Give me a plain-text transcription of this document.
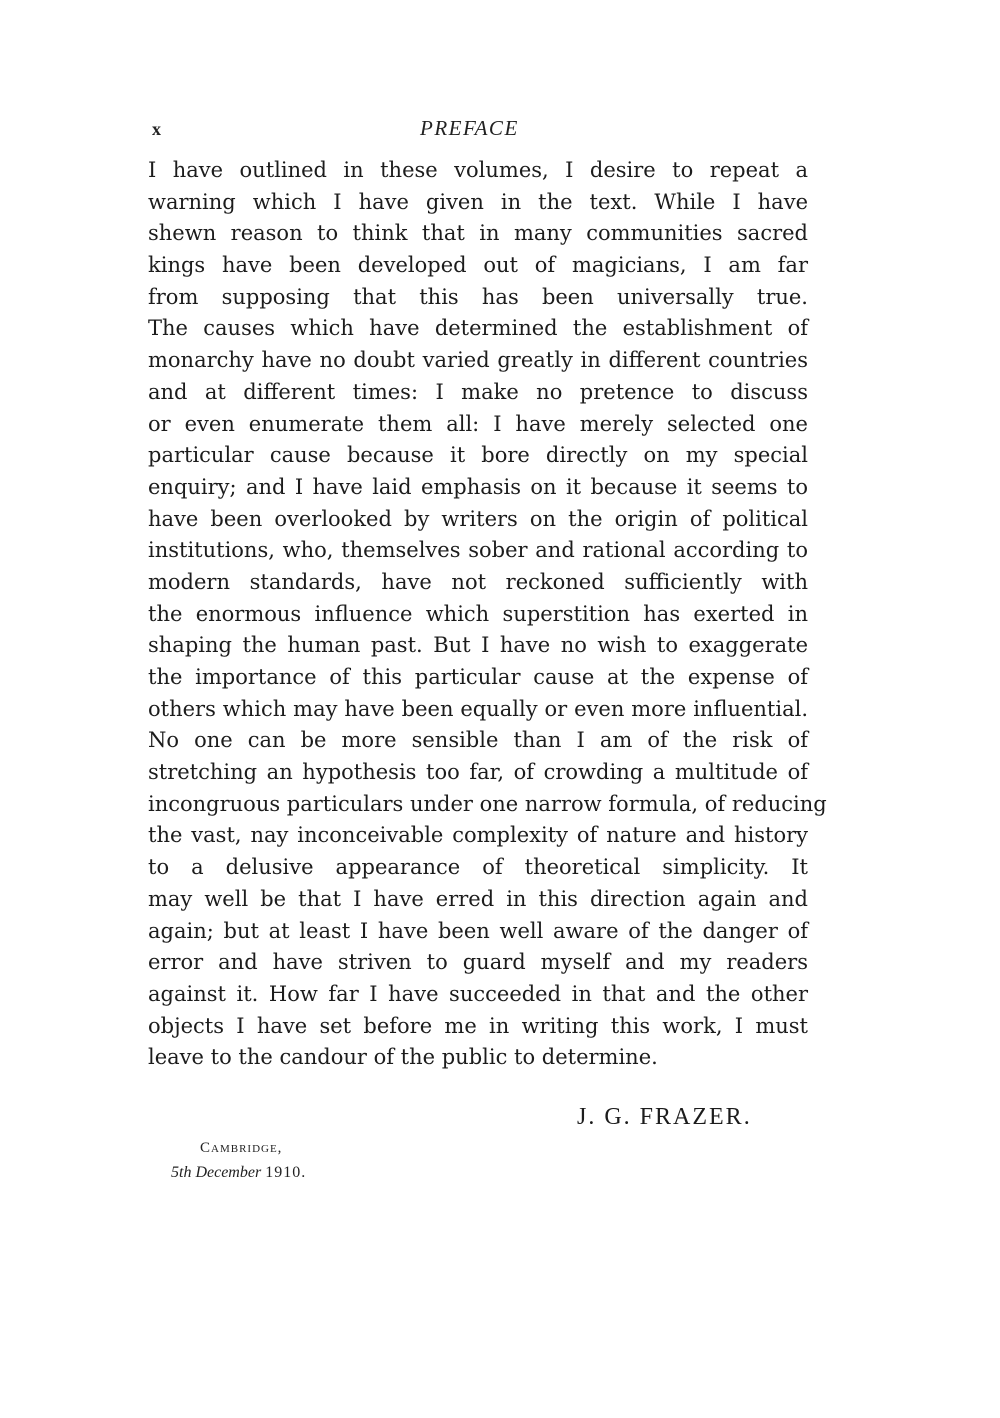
x	PREFACE
I have outlined in these volumes, I desire to repeat a
warning which I have given in the text. While I have
shewn reason to think that in many communities sacred
kings have been developed out of magicians, I am far
from supposing that this has been universally true.
The causes which have determined the establishment of
monarchy have no doubt varied greatly in different countries
and at different times: I make no pretence to discuss
or even enumerate them all: I have merely selected one
particular cause because it bore directly on my special
enquiry; and I have laid emphasis on it because it seems to
have been overlooked by writers on the origin of political
institutions, who, themselves sober and rational according to
modern standards, have not reckoned sufficiently with
the enormous influence which superstition has exerted in
shaping the human past. But I have no wish to exaggerate
the importance of this particular cause at the expense of
others which may have been equally or even more influential.
No one can be more sensible than I am of the risk of
stretching an hypothesis too far, of crowding a multitude of
incongruous particulars under one narrow formula, of reducing
the vast, nay inconceivable complexity of nature and history
to a delusive appearance of theoretical simplicity. It
may well be that I have erred in this direction again and
again; but at least I have been well aware of the danger of
error and have striven to guard myself and my readers
against it. How far I have succeeded in that and the other
objects I have set before me in writing this work, I must
leave to the candour of the public to determine.
J. G. FRAZER.
Cambridge,
5th December 1910.
